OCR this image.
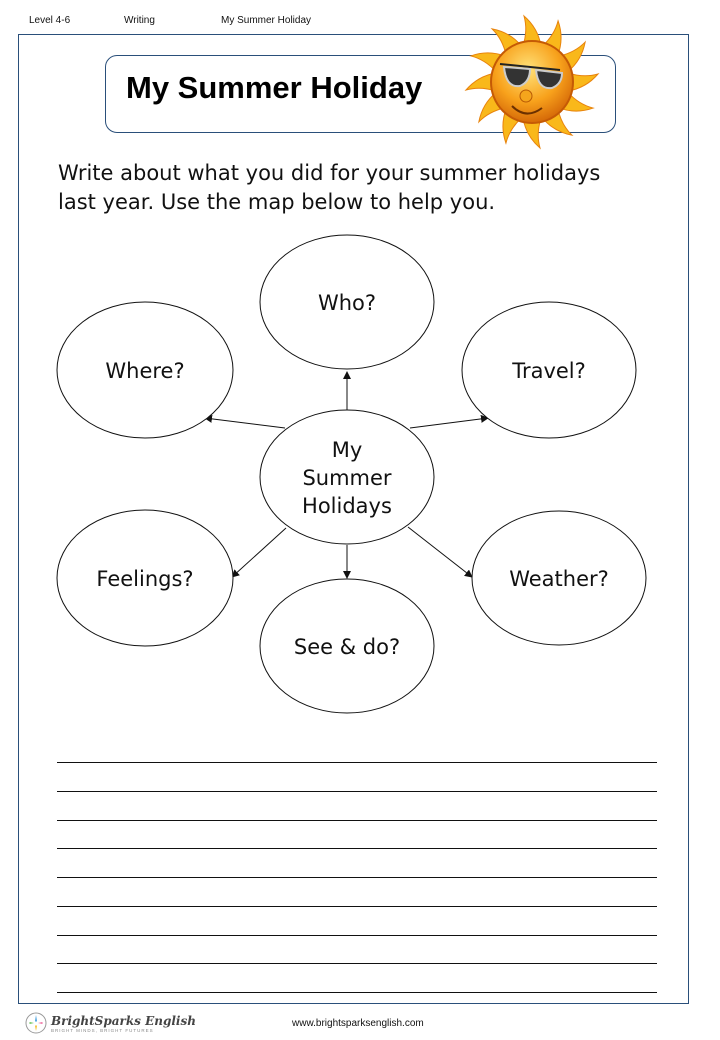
Level 4-6	Writing	My Summer Holiday
My Summer Holiday
Write about what you did for your summer holidays
last year. Use the map below to help you.
Who?
Where?	Travel?
My
Summer
Holidays
Feelings?	Weather?
See & do?
BrightSparks English
BRIGHT MINDS, BRIGHT FUTURES
www.brightsparksenglish.com
